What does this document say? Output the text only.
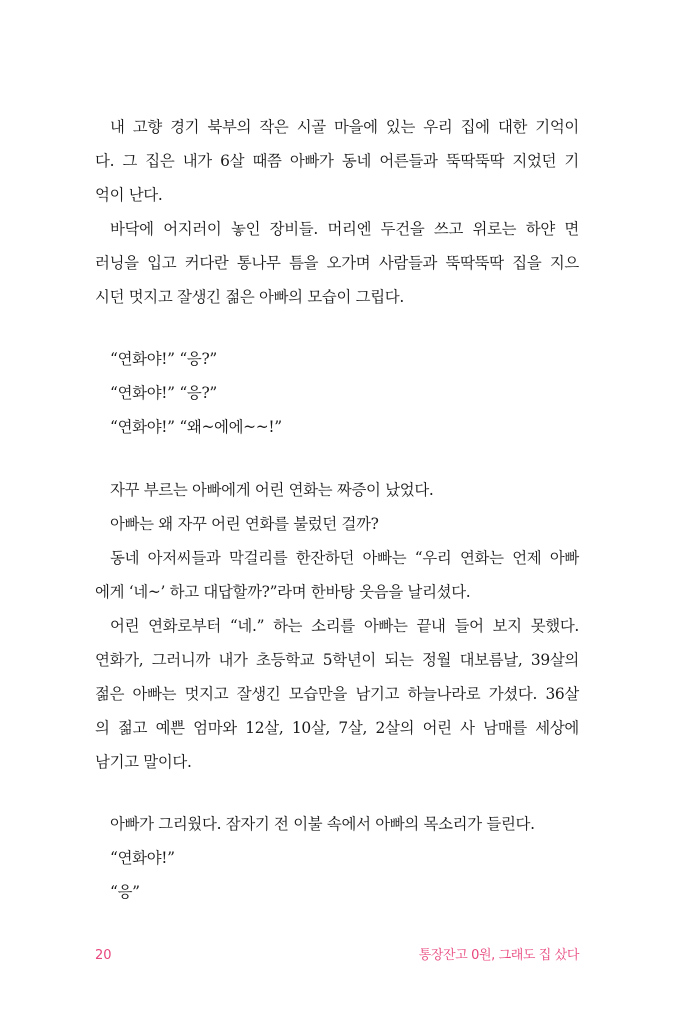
내 고향 경기 북부의 작은 시골 마을에 있는 우리 집에 대한 기억이
다. 그 집은 내가 6살 때쯤 아빠가 동네 어른들과 뚝딱뚝딱 지었던 기
억이 난다.
바닥에 어지러이 놓인 장비들. 머리엔 두건을 쓰고 위로는 하얀 면
러닝을 입고 커다란 통나무 틈을 오가며 사람들과 뚝딱뚝딱 집을 지으
시던 멋지고 잘생긴 젊은 아빠의 모습이 그립다.
“연화야!” “응?”
“연화야!” “응?”
“연화야!” “왜~에에~~!”
자꾸 부르는 아빠에게 어린 연화는 짜증이 났었다.
아빠는 왜 자꾸 어린 연화를 불렀던 걸까?
동네 아저씨들과 막걸리를 한잔하던 아빠는 “우리 연화는 언제 아빠
에게 ‘네~’ 하고 대답할까?”라며 한바탕 웃음을 날리셨다.
어린 연화로부터 “네.” 하는 소리를 아빠는 끝내 들어 보지 못했다.
연화가, 그러니까 내가 초등학교 5학년이 되는 정월 대보름날, 39살의
젊은 아빠는 멋지고 잘생긴 모습만을 남기고 하늘나라로 가셨다. 36살
의 젊고 예쁜 엄마와 12살, 10살, 7살, 2살의 어린 사 남매를 세상에
남기고 말이다.
아빠가 그리웠다. 잠자기 전 이불 속에서 아빠의 목소리가 들린다.
“연화야!”
“응”
20	통장잔고 0원, 그래도 집 샀다
